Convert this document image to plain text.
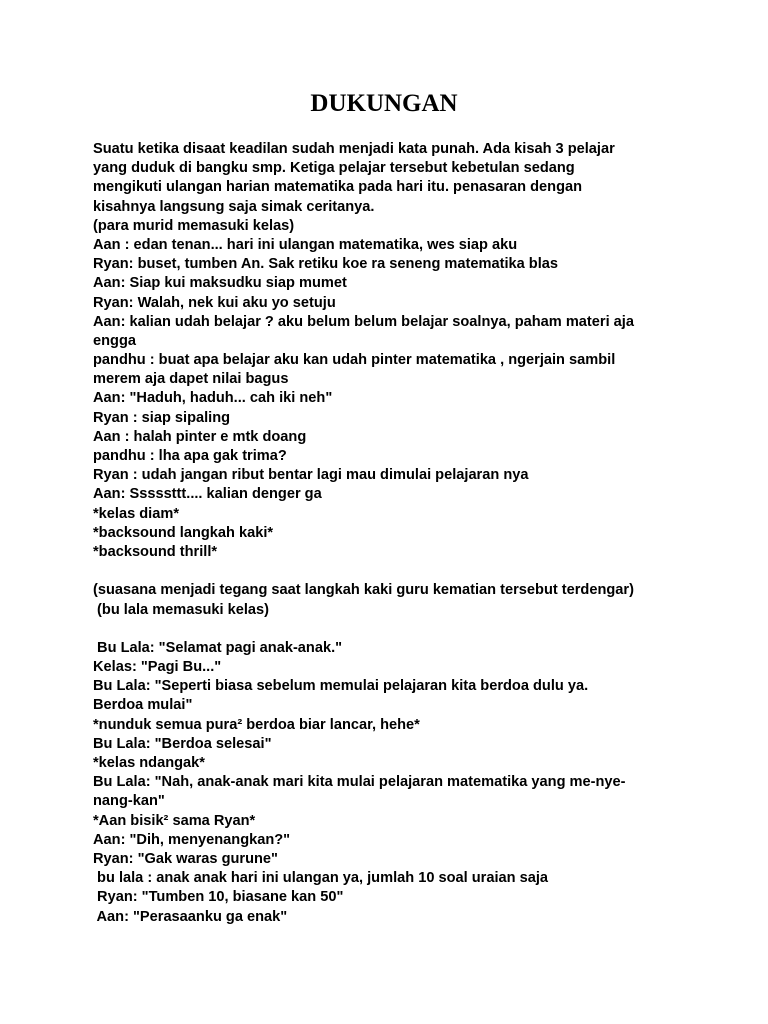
DUKUNGAN

Suatu ketika disaat keadilan sudah menjadi kata punah. Ada kisah 3 pelajar

yang duduk di bangku smp. Ketiga pelajar tersebut kebetulan sedang

mengikuti ulangan harian matematika pada hari itu. penasaran dengan

kisahnya langsung saja simak ceritanya.

(para murid memasuki kelas)

Aan : edan tenan... hari ini ulangan matematika, wes siap aku

Ryan: buset, tumben An. Sak retiku koe ra seneng matematika blas

Aan: Siap kui maksudku siap mumet

Ryan: Walah, nek kui aku yo setuju

Aan: kalian udah belajar ? aku belum belum belajar soalnya, paham materi aja

engga

pandhu : buat apa belajar aku kan udah pinter matematika , ngerjain sambil

merem aja dapet nilai bagus

Aan: "Haduh, haduh... cah iki neh"

Ryan : siap sipaling

Aan : halah pinter e mtk doang

pandhu : lha apa gak trima?

Ryan : udah jangan ribut bentar lagi mau dimulai pelajaran nya

Aan: Sssssttt.... kalian denger ga

*kelas diam*

*backsound langkah kaki*

*backsound thrill*

(suasana menjadi tegang saat langkah kaki guru kematian tersebut terdengar)

(bu lala memasuki kelas)

Bu Lala: "Selamat pagi anak-anak."

Kelas: "Pagi Bu..."

Bu Lala: "Seperti biasa sebelum memulai pelajaran kita berdoa dulu ya.

Berdoa mulai"

*nunduk semua pura² berdoa biar lancar, hehe*

Bu Lala: "Berdoa selesai"

*kelas ndangak*

Bu Lala: "Nah, anak-anak mari kita mulai pelajaran matematika yang me-nye-

nang-kan"

*Aan bisik² sama Ryan*

Aan: "Dih, menyenangkan?"

Ryan: "Gak waras gurune"

bu lala : anak anak hari ini ulangan ya, jumlah 10 soal uraian saja

Ryan: "Tumben 10, biasane kan 50"

Aan: "Perasaanku ga enak"
